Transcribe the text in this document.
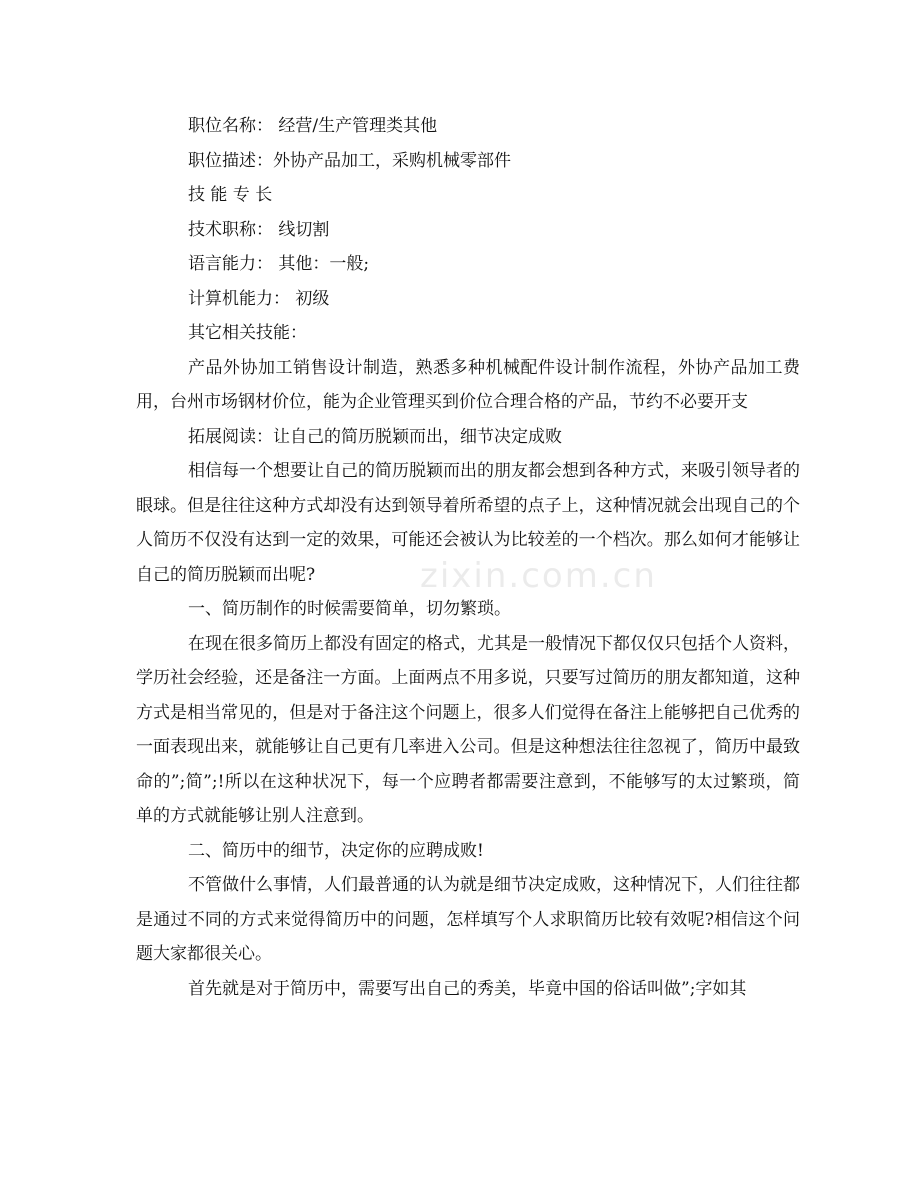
职位名称： 经营/生产管理类其他
职位描述：外协产品加工，采购机械零部件
技 能 专 长
技术职称： 线切割
语言能力： 其他：一般;
计算机能力： 初级
其它相关技能：

产品外协加工销售设计制造，熟悉多种机械配件设计制作流程，外协产品加工费用，台州市场钢材价位，能为企业管理买到价位合理合格的产品，节约不必要开支

拓展阅读：让自己的简历脱颖而出，细节决定成败

相信每一个想要让自己的简历脱颖而出的朋友都会想到各种方式，来吸引领导者的眼球。但是往往这种方式却没有达到领导着所希望的点子上，这种情况就会出现自己的个人简历不仅没有达到一定的效果，可能还会被认为比较差的一个档次。那么如何才能够让自己的简历脱颖而出呢?

一、简历制作的时候需要简单，切勿繁琐。

在现在很多简历上都没有固定的格式，尤其是一般情况下都仅仅只包括个人资料，学历社会经验，还是备注一方面。上面两点不用多说，只要写过简历的朋友都知道，这种方式是相当常见的，但是对于备注这个问题上，很多人们觉得在备注上能够把自己优秀的一面表现出来，就能够让自己更有几率进入公司。但是这种想法往往忽视了，简历中最致命的”;简”;!所以在这种状况下，每一个应聘者都需要注意到，不能够写的太过繁琐，简单的方式就能够让别人注意到。

二、简历中的细节，决定你的应聘成败!

不管做什么事情，人们最普通的认为就是细节决定成败，这种情况下，人们往往都是通过不同的方式来觉得简历中的问题，怎样填写个人求职简历比较有效呢?相信这个问题大家都很关心。

首先就是对于简历中，需要写出自己的秀美，毕竟中国的俗话叫做”;字如其

zixin.com.cn
